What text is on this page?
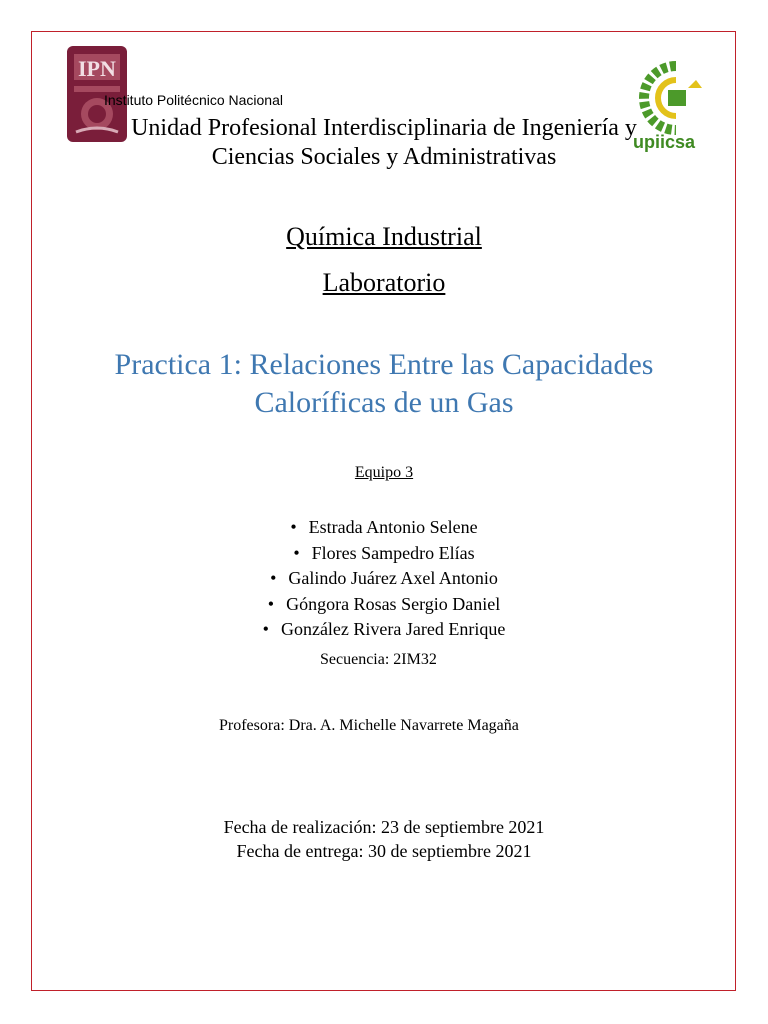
IPN
upiicsa
Instituto Politécnico Nacional
Unidad Profesional Interdisciplinaria de Ingeniería y
Ciencias Sociales y Administrativas
Química Industrial
Laboratorio
Practica 1: Relaciones Entre las Capacidades
Caloríficas de un Gas
Equipo 3
• Estrada Antonio Selene
• Flores Sampedro Elías
• Galindo Juárez Axel Antonio
• Góngora Rosas Sergio Daniel
• González Rivera Jared Enrique
Secuencia: 2IM32
Profesora: Dra. A. Michelle Navarrete Magaña
Fecha de realización: 23 de septiembre 2021
Fecha de entrega: 30 de septiembre 2021
